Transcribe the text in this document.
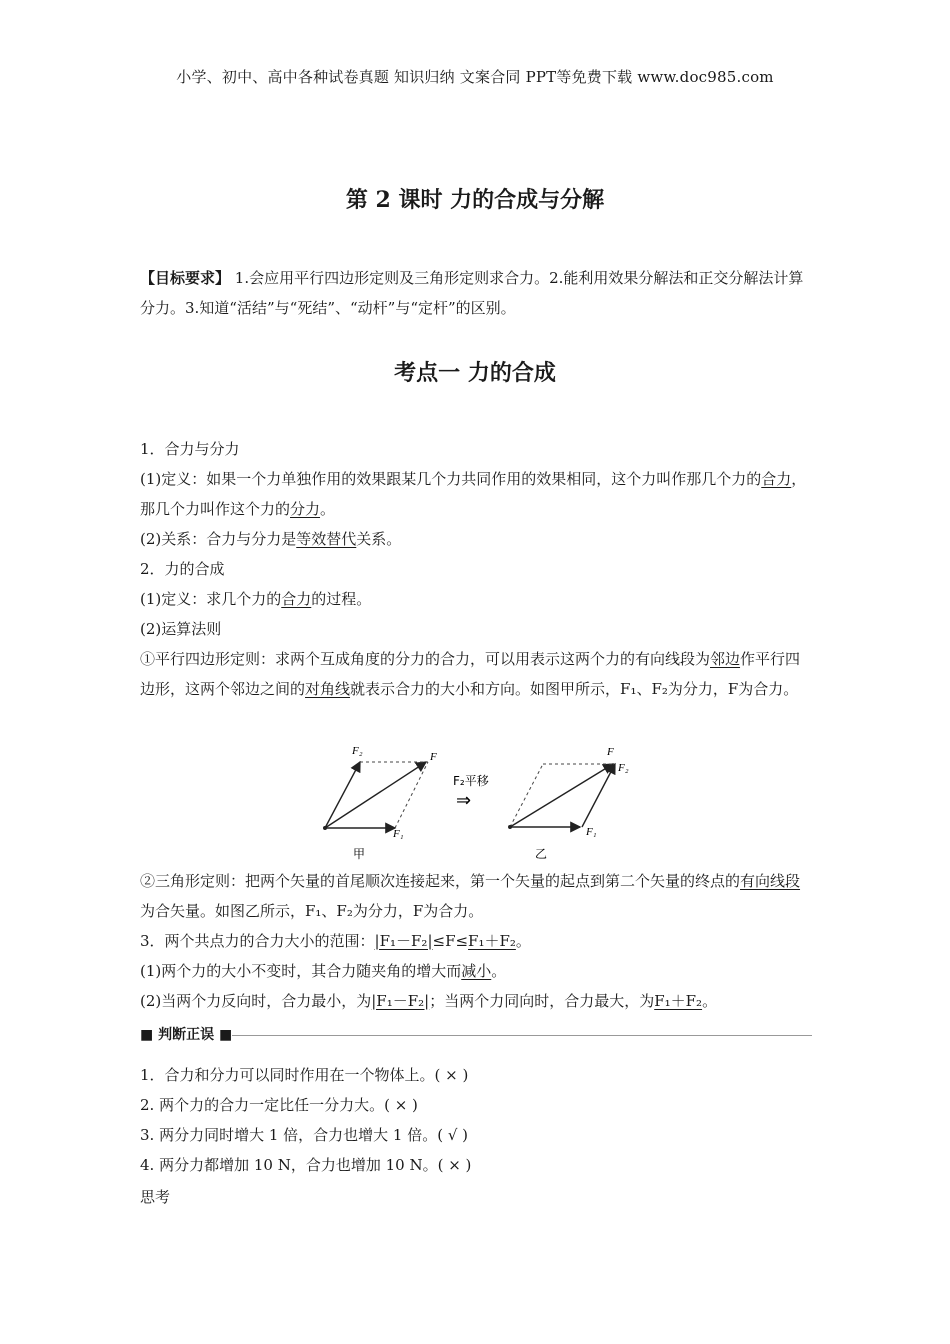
小学、初中、高中各种试卷真题 知识归纳 文案合同 PPT等免费下载 www.doc985.com
第 2 课时 力的合成与分解
【目标要求】 1.会应用平行四边形定则及三角形定则求合力。2.能利用效果分解法和正交分解法计算分力。3.知道“活结”与“死结”、“动杆”与“定杆”的区别。
考点一 力的合成
1．合力与分力
(1)定义：如果一个力单独作用的效果跟某几个力共同作用的效果相同，这个力叫作那几个力的合力，那几个力叫作这个力的分力。
(2)关系：合力与分力是等效替代关系。
2．力的合成
(1)定义：求几个力的合力的过程。
(2)运算法则
①平行四边形定则：求两个互成角度的分力的合力，可以用表示这两个力的有向线段为邻边作平行四边形，这两个邻边之间的对角线就表示合力的大小和方向。如图甲所示，F₁、F₂为分力，F为合力。
F₂	F
F₁
甲
F₂平移
⇒
F
F₂
F₁
乙
②三角形定则：把两个矢量的首尾顺次连接起来，第一个矢量的起点到第二个矢量的终点的有向线段为合矢量。如图乙所示，F₁、F₂为分力，F为合力。
3．两个共点力的合力大小的范围：|F₁－F₂|≤F≤F₁＋F₂。
(1)两个力的大小不变时，其合力随夹角的增大而减小。
(2)当两个力反向时，合力最小，为|F₁－F₂|；当两个力同向时，合力最大，为F₁＋F₂。
■ 判断正误 ■
1．合力和分力可以同时作用在一个物体上。( × )
2. 两个力的合力一定比任一分力大。( × )
3. 两分力同时增大 1 倍，合力也增大 1 倍。( √ )
4. 两分力都增加 10 N，合力也增加 10 N。( × )
思考
